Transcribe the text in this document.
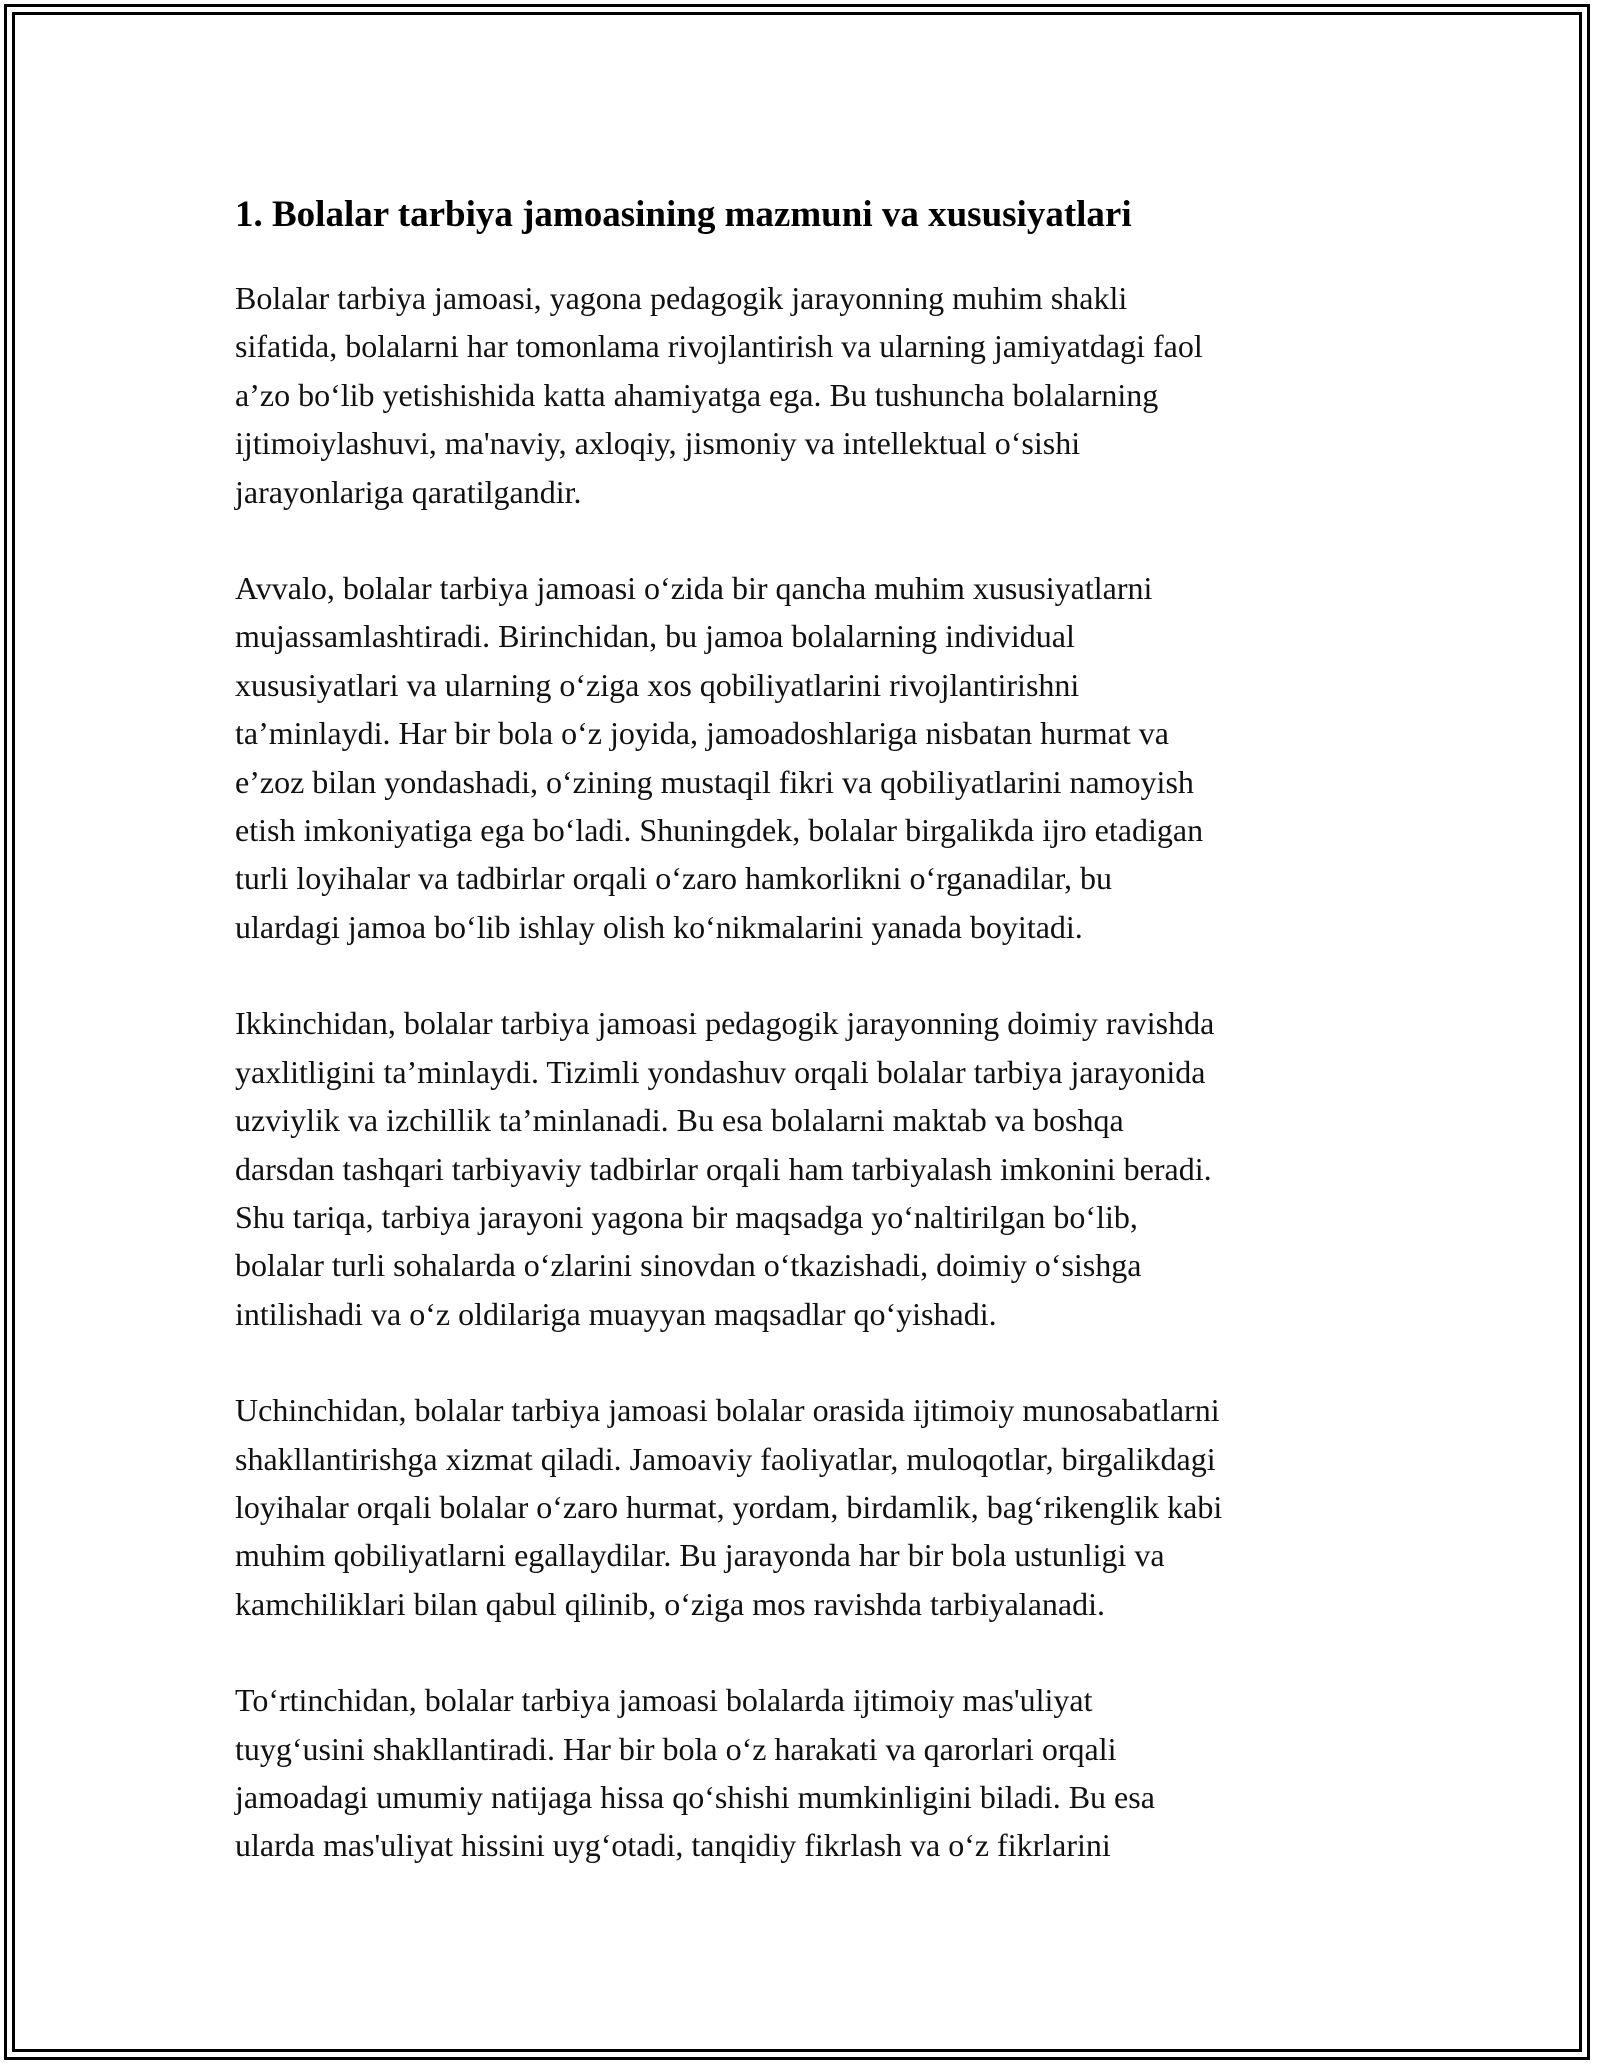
1. Bolalar tarbiya jamoasining mazmuni va xususiyatlari
Bolalar tarbiya jamoasi, yagona pedagogik jarayonning muhim shakli
sifatida, bolalarni har tomonlama rivojlantirish va ularning jamiyatdagi faol
a’zo bo‘lib yetishishida katta ahamiyatga ega. Bu tushuncha bolalarning
ijtimoiylashuvi, ma'naviy, axloqiy, jismoniy va intellektual o‘sishi
jarayonlariga qaratilgandir.
Avvalo, bolalar tarbiya jamoasi o‘zida bir qancha muhim xususiyatlarni
mujassamlashtiradi. Birinchidan, bu jamoa bolalarning individual
xususiyatlari va ularning o‘ziga xos qobiliyatlarini rivojlantirishni
ta’minlaydi. Har bir bola o‘z joyida, jamoadoshlariga nisbatan hurmat va
e’zoz bilan yondashadi, o‘zining mustaqil fikri va qobiliyatlarini namoyish
etish imkoniyatiga ega bo‘ladi. Shuningdek, bolalar birgalikda ijro etadigan
turli loyihalar va tadbirlar orqali o‘zaro hamkorlikni o‘rganadilar, bu
ulardagi jamoa bo‘lib ishlay olish ko‘nikmalarini yanada boyitadi.
Ikkinchidan, bolalar tarbiya jamoasi pedagogik jarayonning doimiy ravishda
yaxlitligini ta’minlaydi. Tizimli yondashuv orqali bolalar tarbiya jarayonida
uzviylik va izchillik ta’minlanadi. Bu esa bolalarni maktab va boshqa
darsdan tashqari tarbiyaviy tadbirlar orqali ham tarbiyalash imkonini beradi.
Shu tariqa, tarbiya jarayoni yagona bir maqsadga yo‘naltirilgan bo‘lib,
bolalar turli sohalarda o‘zlarini sinovdan o‘tkazishadi, doimiy o‘sishga
intilishadi va o‘z oldilariga muayyan maqsadlar qo‘yishadi.
Uchinchidan, bolalar tarbiya jamoasi bolalar orasida ijtimoiy munosabatlarni
shakllantirishga xizmat qiladi. Jamoaviy faoliyatlar, muloqotlar, birgalikdagi
loyihalar orqali bolalar o‘zaro hurmat, yordam, birdamlik, bag‘rikenglik kabi
muhim qobiliyatlarni egallaydilar. Bu jarayonda har bir bola ustunligi va
kamchiliklari bilan qabul qilinib, o‘ziga mos ravishda tarbiyalanadi.
To‘rtinchidan, bolalar tarbiya jamoasi bolalarda ijtimoiy mas'uliyat
tuyg‘usini shakllantiradi. Har bir bola o‘z harakati va qarorlari orqali
jamoadagi umumiy natijaga hissa qo‘shishi mumkinligini biladi. Bu esa
ularda mas'uliyat hissini uyg‘otadi, tanqidiy fikrlash va o‘z fikrlarini
